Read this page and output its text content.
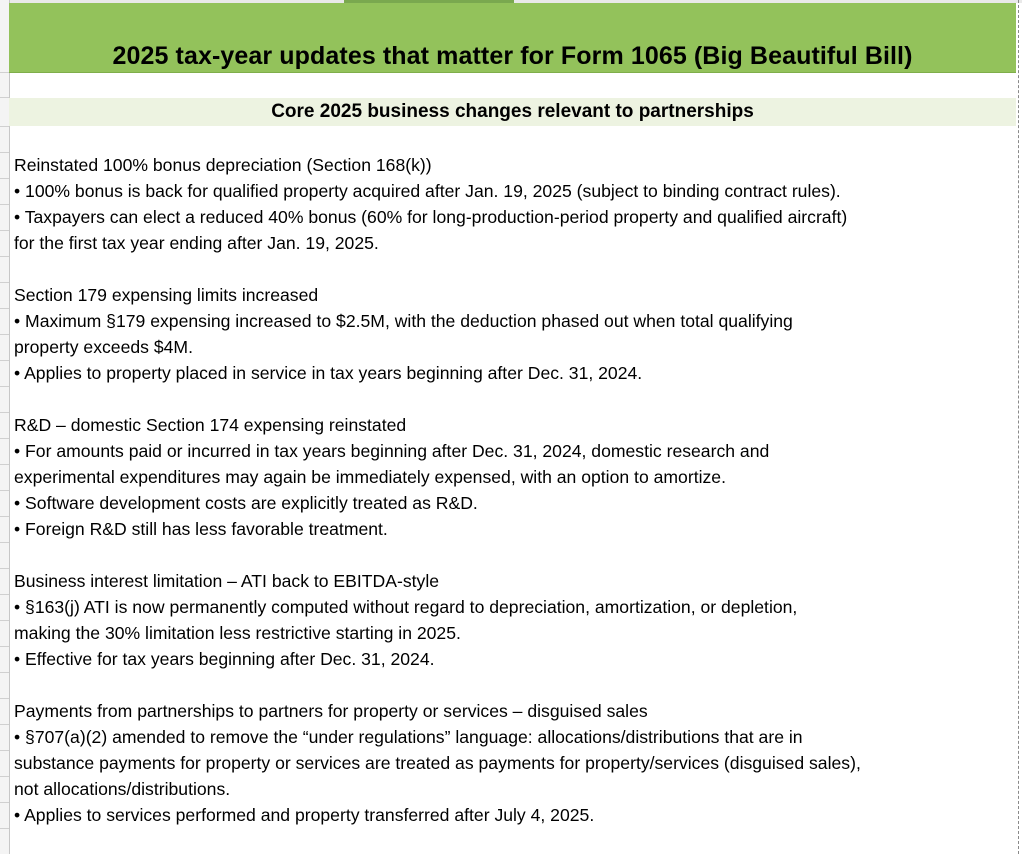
2025 tax-year updates that matter for Form 1065 (Big Beautiful Bill)
Core 2025 business changes relevant to partnerships

Reinstated 100% bonus depreciation (Section 168(k))

• 100% bonus is back for qualified property acquired after Jan. 19, 2025 (subject to binding contract rules).

• Taxpayers can elect a reduced 40% bonus (60% for long-production-period property and qualified aircraft)

for the first tax year ending after Jan. 19, 2025.

Section 179 expensing limits increased

• Maximum §179 expensing increased to $2.5M, with the deduction phased out when total qualifying

property exceeds $4M.

• Applies to property placed in service in tax years beginning after Dec. 31, 2024.

R&D – domestic Section 174 expensing reinstated

• For amounts paid or incurred in tax years beginning after Dec. 31, 2024, domestic research and

experimental expenditures may again be immediately expensed, with an option to amortize.

• Software development costs are explicitly treated as R&D.

• Foreign R&D still has less favorable treatment.

Business interest limitation – ATI back to EBITDA-style

• §163(j) ATI is now permanently computed without regard to depreciation, amortization, or depletion,

making the 30% limitation less restrictive starting in 2025.

• Effective for tax years beginning after Dec. 31, 2024.

Payments from partnerships to partners for property or services – disguised sales

• §707(a)(2) amended to remove the “under regulations” language: allocations/distributions that are in

substance payments for property or services are treated as payments for property/services (disguised sales),

not allocations/distributions.

• Applies to services performed and property transferred after July 4, 2025.
